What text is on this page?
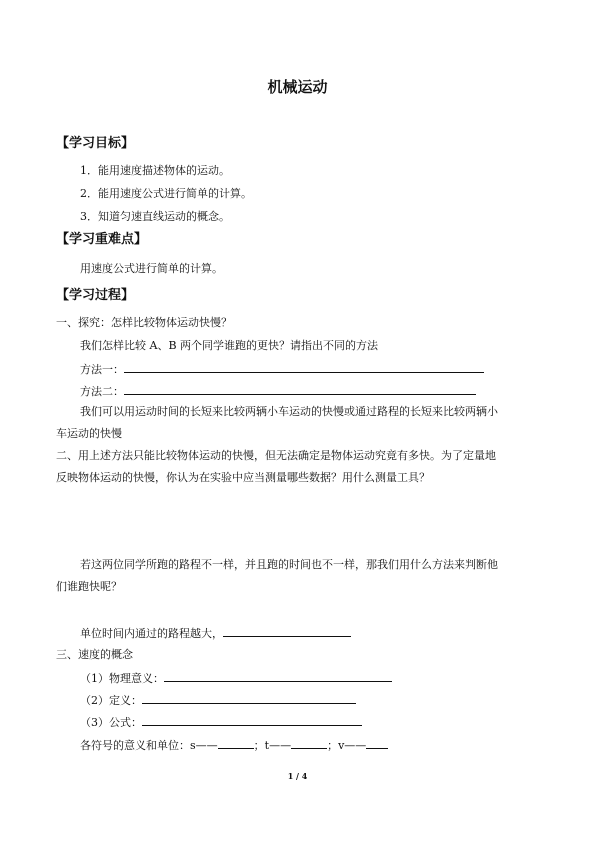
机械运动
【学习目标】
1．能用速度描述物体的运动。
2．能用速度公式进行简单的计算。
3．知道匀速直线运动的概念。
【学习重难点】
用速度公式进行简单的计算。
【学习过程】
一、探究：怎样比较物体运动快慢？
我们怎样比较 A、B 两个同学谁跑的更快？请指出不同的方法
方法一：
方法二：
我们可以用运动时间的长短来比较两辆小车运动的快慢或通过路程的长短来比较两辆小
车运动的快慢
二、用上述方法只能比较物体运动的快慢，但无法确定是物体运动究竟有多快。为了定量地
反映物体运动的快慢，你认为在实验中应当测量哪些数据？用什么测量工具？
若这两位同学所跑的路程不一样，并且跑的时间也不一样，那我们用什么方法来判断他
们谁跑快呢？
单位时间内通过的路程越大，
三、速度的概念
（1）物理意义：
（2）定义：
（3）公式：
各符号的意义和单位：s——	；t——	；v——
1 / 4
